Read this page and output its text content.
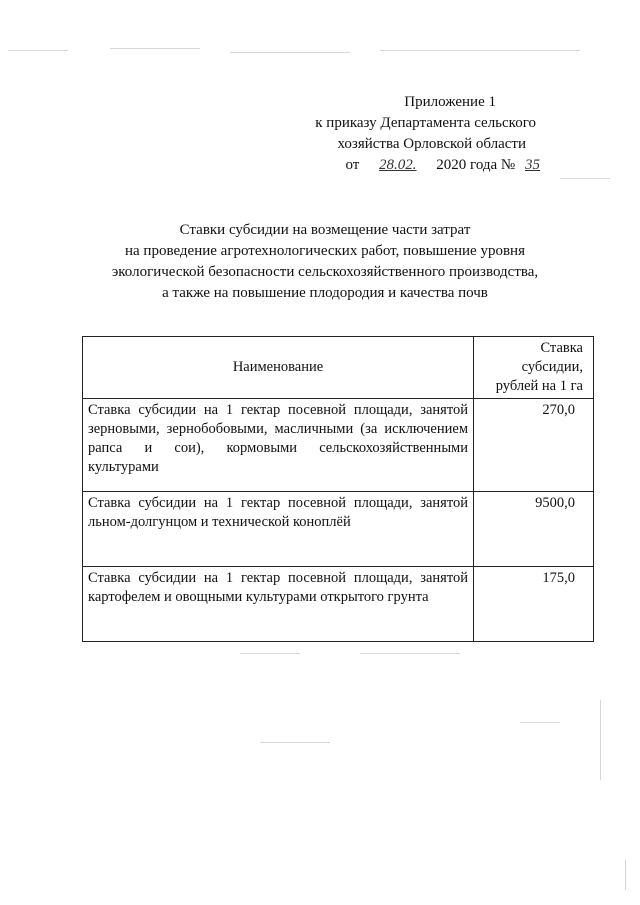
Приложение 1
к приказу Департамента сельского
хозяйства Орловской области
от 28.02. 2020 года № 35
Ставки субсидии на возмещение части затрат
на проведение агротехнологических работ, повышение уровня
экологической безопасности сельскохозяйственного производства,
а также на повышение плодородия и качества почв
Наименование	Ставка субсидии, рублей на 1 га
Ставка субсидии на 1 гектар посевной площади, занятой зерновыми, зернобобовыми, масличными (за исключением рапса и сои), кормовыми сельскохозяйственными культурами	270,0
Ставка субсидии на 1 гектар посевной площади, занятой льном-долгунцом и технической коноплёй	9500,0
Ставка субсидии на 1 гектар посевной площади, занятой картофелем и овощными культурами открытого грунта	175,0
